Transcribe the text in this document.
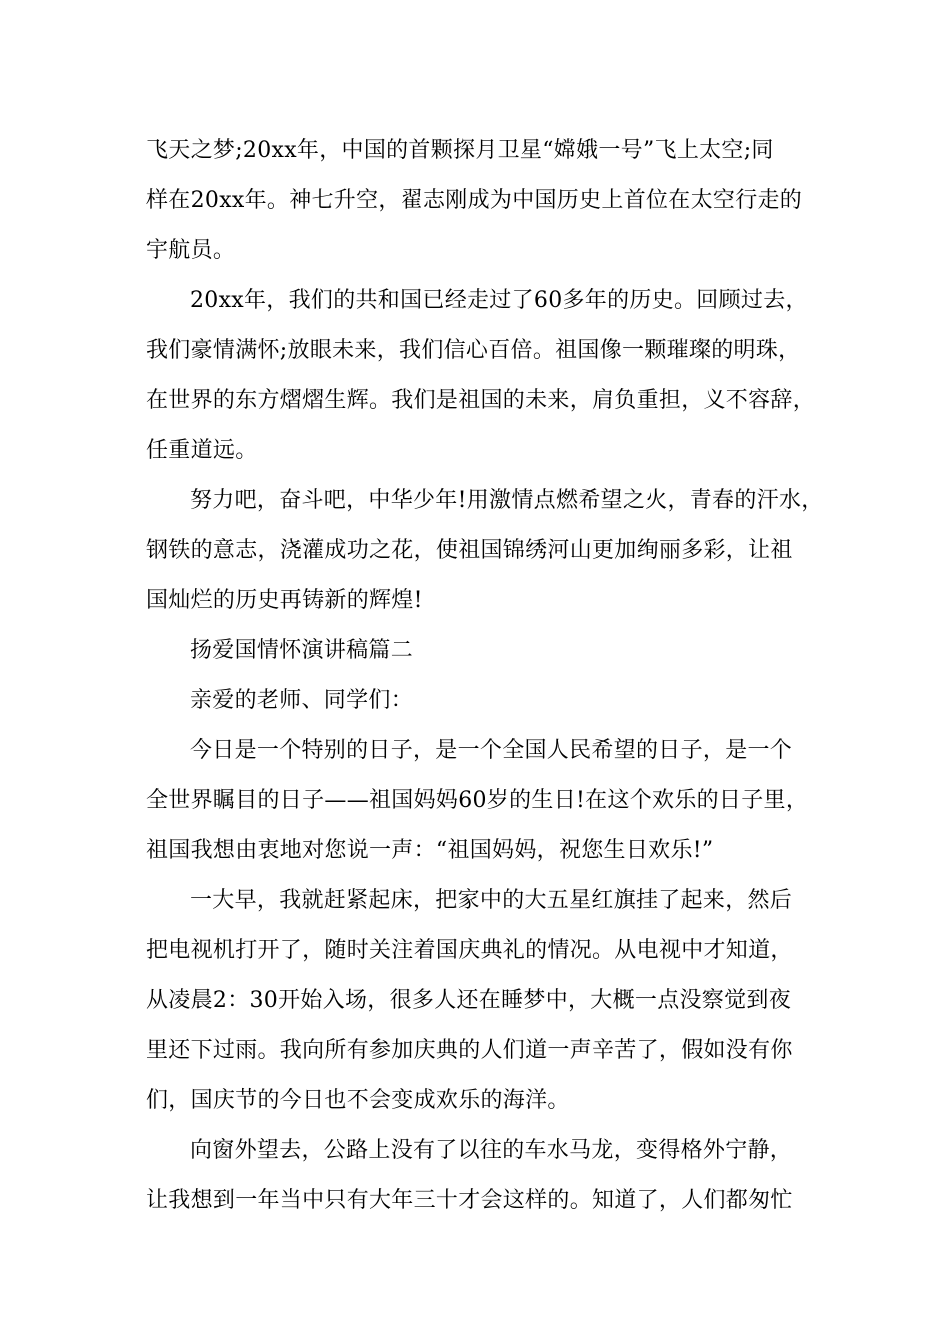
飞天之梦;20xx年，中国的首颗探月卫星“嫦娥一号”飞上太空;同
样在20xx年。神七升空，翟志刚成为中国历史上首位在太空行走的
宇航员。
20xx年，我们的共和国已经走过了60多年的历史。回顾过去，
我们豪情满怀;放眼未来，我们信心百倍。祖国像一颗璀璨的明珠，
在世界的东方熠熠生辉。我们是祖国的未来，肩负重担，义不容辞，
任重道远。
努力吧，奋斗吧，中华少年!用激情点燃希望之火，青春的汗水，
钢铁的意志，浇灌成功之花，使祖国锦绣河山更加绚丽多彩，让祖
国灿烂的历史再铸新的辉煌!
扬爱国情怀演讲稿篇二
亲爱的老师、同学们：
今日是一个特别的日子，是一个全国人民希望的日子，是一个
全世界瞩目的日子——祖国妈妈60岁的生日!在这个欢乐的日子里，
祖国我想由衷地对您说一声：“祖国妈妈，祝您生日欢乐!”
一大早，我就赶紧起床，把家中的大五星红旗挂了起来，然后
把电视机打开了，随时关注着国庆典礼的情况。从电视中才知道，
从凌晨2：30开始入场，很多人还在睡梦中，大概一点没察觉到夜
里还下过雨。我向所有参加庆典的人们道一声辛苦了，假如没有你
们，国庆节的今日也不会变成欢乐的海洋。
向窗外望去，公路上没有了以往的车水马龙，变得格外宁静，
让我想到一年当中只有大年三十才会这样的。知道了，人们都匆忙
